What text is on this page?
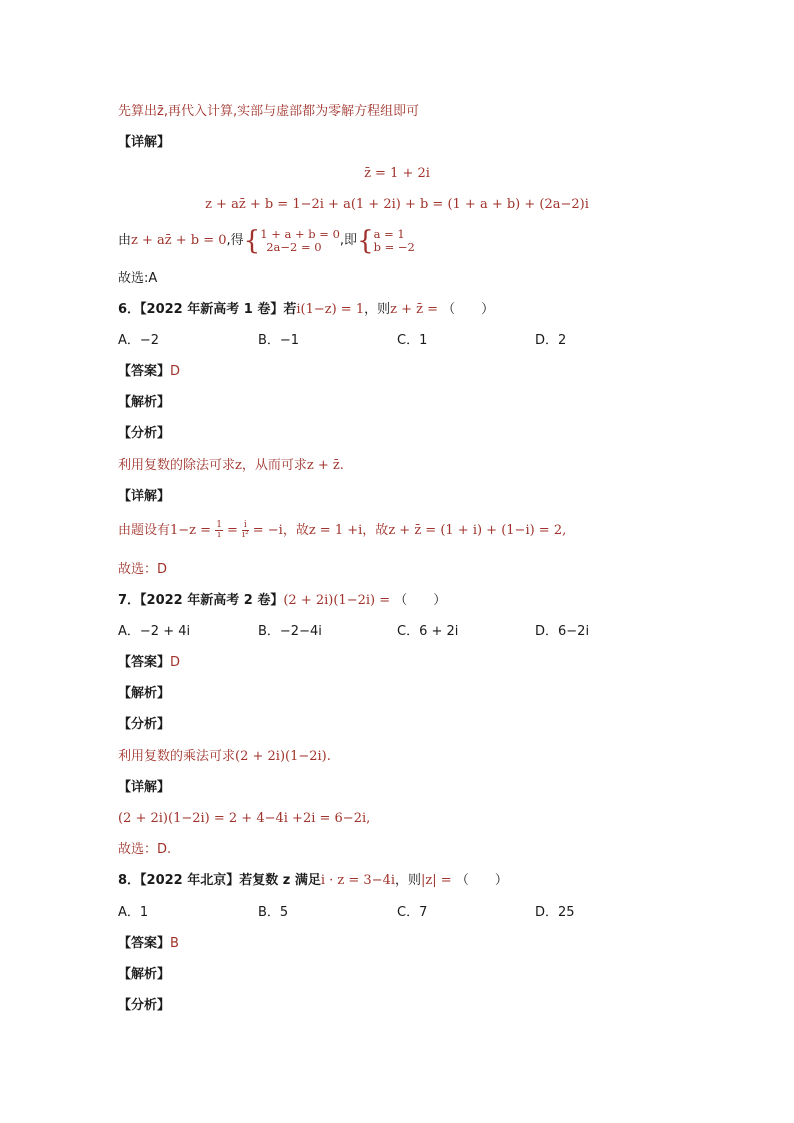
先算出z̄,再代入计算,实部与虚部都为零解方程组即可
【详解】
z̄ = 1 + 2i
z + az̄ + b = 1−2i + a(1 + 2i) + b = (1 + a + b) + (2a−2)i
由z + az̄ + b = 0,得{ 1 + a + b = 0
2a−2 = 0	,即{ a = 1
b = −2
故选:A
6．【2022 年新高考 1 卷】若i(1−z) = 1，则z + z̄ = （　　）
A．−2	B．−1	C．1	D．2
【答案】D
【解析】
【分析】
利用复数的除法可求z，从而可求z + z̄.
【详解】
由题设有$1-z = \frac{1}{i} = \frac{i}{\text{i²}} = -i$，故z = 1 +i，故z + z̄ = (1 + i) + (1−i) = 2,
故选：D
7．【2022 年新高考 2 卷】(2 + 2i)(1−2i) = （　　）
A．−2 + 4i	B．−2−4i	C．6 + 2i	D．6−2i
【答案】D
【解析】
【分析】
利用复数的乘法可求(2 + 2i)(1−2i).
【详解】
(2 + 2i)(1−2i) = 2 + 4−4i +2i = 6−2i,
故选：D.
8．【2022 年北京】若复数 z 满足i · z = 3−4i，则|z| = （　　）
A．1	B．5	C．7	D．25
【答案】B
【解析】
【分析】
